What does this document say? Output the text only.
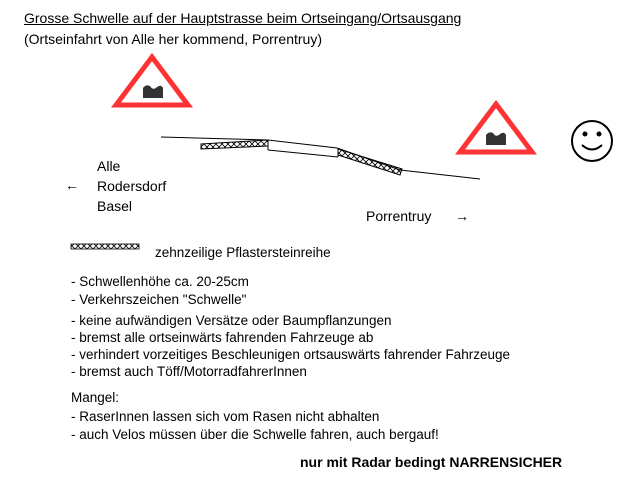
Grosse Schwelle auf der Hauptstrasse beim Ortseingang/Ortsausgang
(Ortseinfahrt von Alle her kommend, Porrentruy)
Alle
Rodersdorf
Basel
←
Porrentruy →
zehnzeilige Pflastersteinreihe
- Schwellenhöhe ca. 20-25cm
- Verkehrszeichen "Schwelle"
- keine aufwändigen Versätze oder Baumpflanzungen
- bremst alle ortseinwärts fahrenden Fahrzeuge ab
- verhindert vorzeitiges Beschleunigen ortsauswärts fahrender Fahrzeuge
- bremst auch Töff/MotorradfahrerInnen
Mangel:
- RaserInnen lassen sich vom Rasen nicht abhalten
- auch Velos müssen über die Schwelle fahren, auch bergauf!
nur mit Radar bedingt NARRENSICHER
